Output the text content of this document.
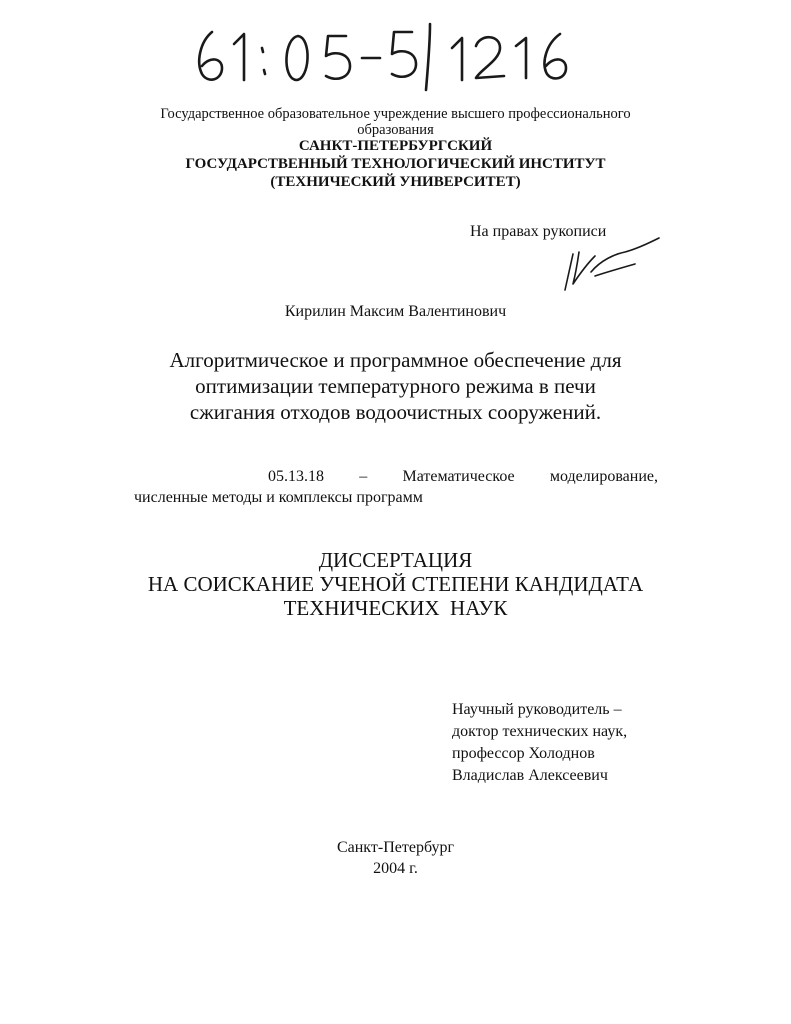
Государственное образовательное учреждение высшего профессионального
образования
САНКТ-ПЕТЕРБУРГСКИЙ
ГОСУДАРСТВЕННЫЙ ТЕХНОЛОГИЧЕСКИЙ ИНСТИТУТ
(ТЕХНИЧЕСКИЙ УНИВЕРСИТЕТ)
На правах рукописи
Кирилин Максим Валентинович
Алгоритмическое и программное обеспечение для
оптимизации температурного режима в печи
сжигания отходов водоочистных сооружений.
05.13.18 – Математическое моделирование,
численные методы и комплексы программ
ДИССЕРТАЦИЯ
НА СОИСКАНИЕ УЧЕНОЙ СТЕПЕНИ КАНДИДАТА
ТЕХНИЧЕСКИХ  НАУК
Научный руководитель –
доктор технических наук,
профессор Холоднов
Владислав Алексеевич
Санкт-Петербург
2004 г.
